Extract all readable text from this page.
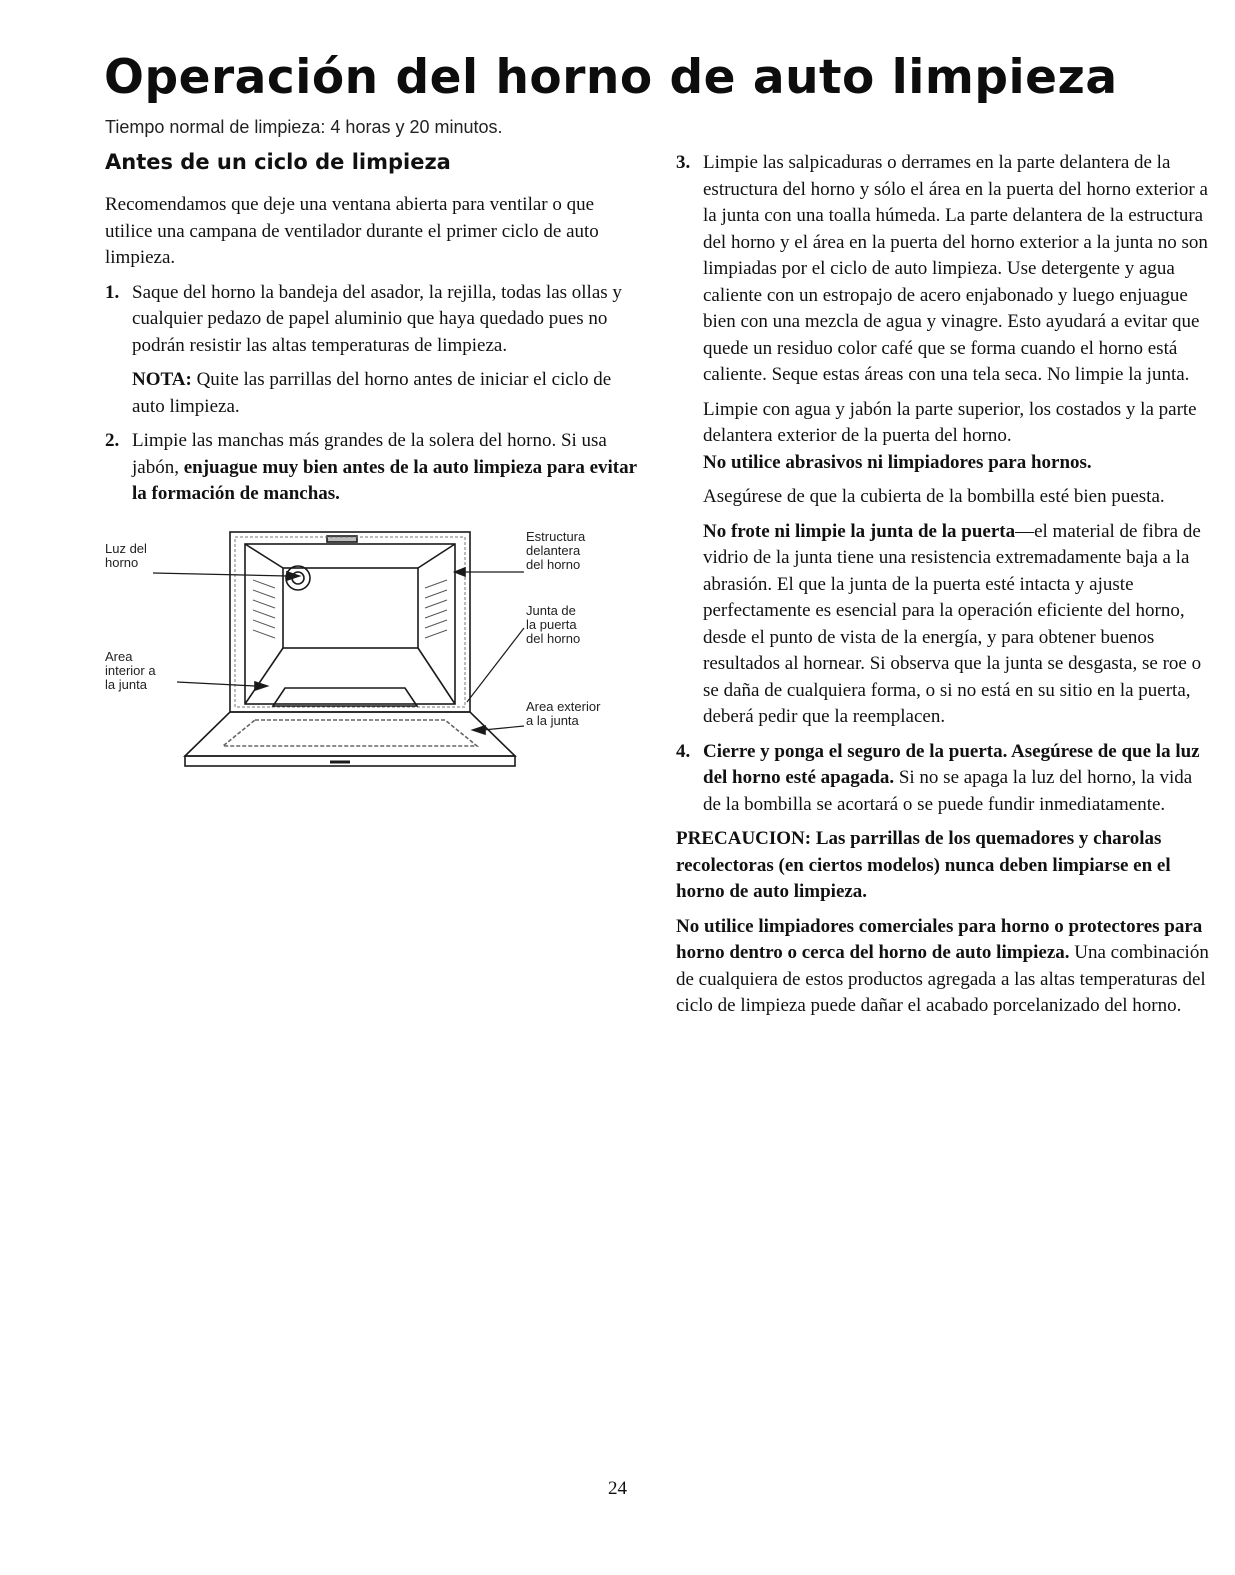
Operación del horno de auto limpieza

Tiempo normal de limpieza: 4 horas y 20 minutos.

Antes de un ciclo de limpieza

Recomendamos que deje una ventana abierta para ventilar o que utilice una campana de ventilador durante el primer ciclo de auto limpieza.

1. Saque del horno la bandeja del asador, la rejilla, todas las ollas y cualquier pedazo de papel aluminio que haya quedado pues no podrán resistir las altas temperaturas de limpieza.

NOTA: Quite las parrillas del horno antes de iniciar el ciclo de auto limpieza.

2. Limpie las manchas más grandes de la solera del horno. Si usa jabón, enjuague muy bien antes de la auto limpieza para evitar la formación de manchas.

Luz del
horno
Area
interior a
la junta
Estructura
delantera
del horno
Junta de
la puerta
del horno
Area exterior
a la junta
3. Limpie las salpicaduras o derrames en la parte delantera de la estructura del horno y sólo el área en la puerta del horno exterior a la junta con una toalla húmeda. La parte delantera de la estructura del horno y el área en la puerta del horno exterior a la junta no son limpiadas por el ciclo de auto limpieza. Use detergente y agua caliente con un estropajo de acero enjabonado y luego enjuague bien con una mezcla de agua y vinagre. Esto ayudará a evitar que quede un residuo color café que se forma cuando el horno está caliente. Seque estas áreas con una tela seca. No limpie la junta.

Limpie con agua y jabón la parte superior, los costados y la parte delantera exterior de la puerta del horno.

No utilice abrasivos ni limpiadores para hornos.

Asegúrese de que la cubierta de la bombilla esté bien puesta.

No frote ni limpie la junta de la puerta—el material de fibra de vidrio de la junta tiene una resistencia extremadamente baja a la abrasión. El que la junta de la puerta esté intacta y ajuste perfectamente es esencial para la operación eficiente del horno, desde el punto de vista de la energía, y para obtener buenos resultados al hornear. Si observa que la junta se desgasta, se roe o se daña de cualquiera forma, o si no está en su sitio en la puerta, deberá pedir que la reemplacen.

4. Cierre y ponga el seguro de la puerta. Asegúrese de que la luz del horno esté apagada. Si no se apaga la luz del horno, la vida de la bombilla se acortará o se puede fundir inmediatamente.

PRECAUCION: Las parrillas de los quemadores y charolas recolectoras (en ciertos modelos) nunca deben limpiarse en el horno de auto limpieza.

No utilice limpiadores comerciales para horno o protectores para horno dentro o cerca del horno de auto limpieza. Una combinación de cualquiera de estos productos agregada a las altas temperaturas del ciclo de limpieza puede dañar el acabado porcelanizado del horno.

24
